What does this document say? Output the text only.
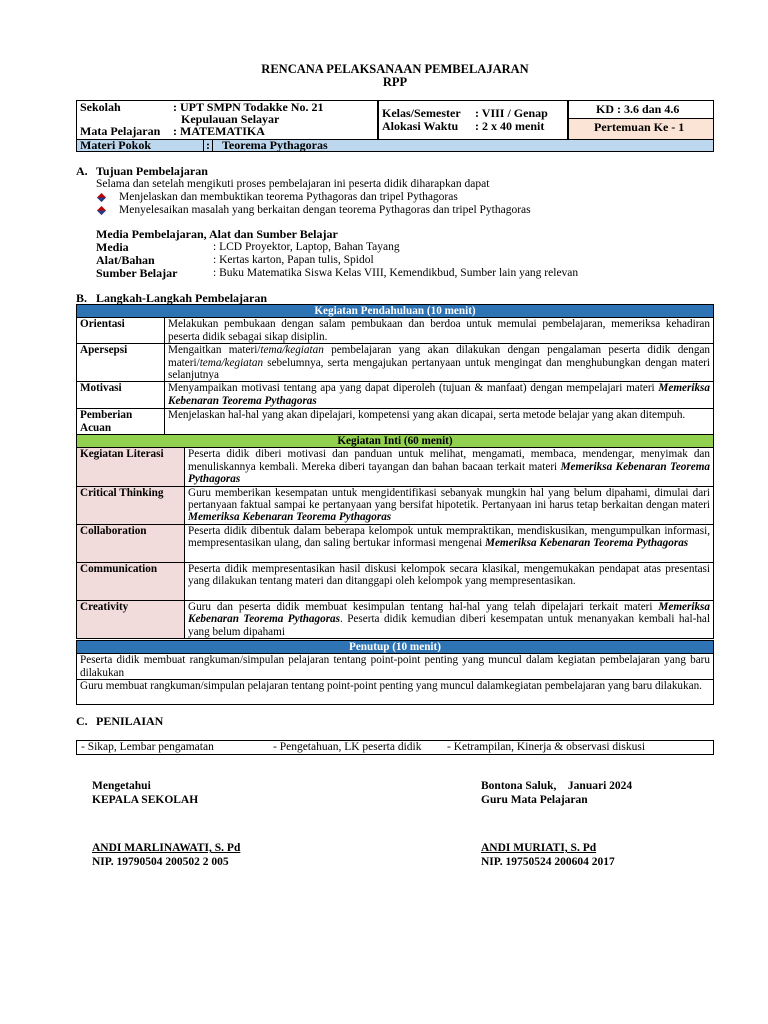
RENCANA PELAKSANAAN PEMBELAJARAN
RPP
Sekolah	: UPT SMPN Todakke No. 21
Kepulauan Selayar
Mata Pelajaran : MATEMATIKA
Kelas/Semester : VIII / Genap
Alokasi Waktu : 2 x 40 menit
KD : 3.6 dan 4.6
Pertemuan Ke - 1
Materi Pokok	: Teorema Pythagoras
A. Tujuan Pembelajaran
Selama dan setelah mengikuti proses pembelajaran ini peserta didik diharapkan dapat
Menjelaskan dan membuktikan teorema Pythagoras dan tripel Pythagoras
Menyelesaikan masalah yang berkaitan dengan teorema Pythagoras dan tripel Pythagoras
Media Pembelajaran, Alat dan Sumber Belajar
Media	: LCD Proyektor, Laptop, Bahan Tayang
Alat/Bahan	: Kertas karton, Papan tulis, Spidol
Sumber Belajar	: Buku Matematika Siswa Kelas VIII, Kemendikbud, Sumber lain yang relevan
B. Langkah-Langkah Pembelajaran
Kegiatan Pendahuluan (10 menit)	
Orientasi	Melakukan pembukaan dengan salam pembukaan dan berdoa untuk memulai pembelajaran, memeriksa kehadiran peserta didik sebagai sikap disiplin.
Apersepsi	Mengaitkan materi/tema/kegiatan pembelajaran yang akan dilakukan dengan pengalaman peserta didik dengan materi/tema/kegiatan sebelumnya, serta mengajukan pertanyaan untuk mengingat dan menghubungkan dengan materi selanjutnya
Motivasi	Menyampaikan motivasi tentang apa yang dapat diperoleh (tujuan & manfaat) dengan mempelajari materi Memeriksa Kebenaran Teorema Pythagoras
Pemberian Acuan	Menjelaskan hal-hal yang akan dipelajari, kompetensi yang akan dicapai, serta metode belajar yang akan ditempuh.
Kegiatan Inti (60 menit)	
Kegiatan Literasi	Peserta didik diberi motivasi dan panduan untuk melihat, mengamati, membaca, mendengar, menyimak dan menuliskannya kembali. Mereka diberi tayangan dan bahan bacaan terkait materi Memeriksa Kebenaran Teorema Pythagoras
Critical Thinking	Guru memberikan kesempatan untuk mengidentifikasi sebanyak mungkin hal yang belum dipahami, dimulai dari pertanyaan faktual sampai ke pertanyaan yang bersifat hipotetik. Pertanyaan ini harus tetap berkaitan dengan materi Memeriksa Kebenaran Teorema Pythagoras
Collaboration	Peserta didik dibentuk dalam beberapa kelompok untuk mempraktikan, mendiskusikan, mengumpulkan informasi, mempresentasikan ulang, dan saling bertukar informasi mengenai Memeriksa Kebenaran Teorema Pythagoras
Communication	Peserta didik mempresentasikan hasil diskusi kelompok secara klasikal, mengemukakan pendapat atas presentasi yang dilakukan tentang materi dan ditanggapi oleh kelompok yang mempresentasikan.
Creativity	Guru dan peserta didik membuat kesimpulan tentang hal-hal yang telah dipelajari terkait materi Memeriksa Kebenaran Teorema Pythagoras. Peserta didik kemudian diberi kesempatan untuk menanyakan kembali hal-hal yang belum dipahami
Penutup (10 menit)
Peserta didik membuat rangkuman/simpulan pelajaran tentang point-point penting yang muncul dalam kegiatan pembelajaran yang baru dilakukan
Guru membuat rangkuman/simpulan pelajaran tentang point-point penting yang muncul dalamkegiatan pembelajaran yang baru dilakukan.
C. PENILAIAN
- Sikap, Lembar pengamatan	- Pengetahuan, LK peserta didik - Ketrampilan, Kinerja & observasi diskusi
Mengetahui
KEPALA SEKOLAH
ANDI MARLINAWATI, S. Pd
NIP. 19790504 200502 2 005
Bontona Saluk,    Januari 2024
Guru Mata Pelajaran
ANDI MURIATI, S. Pd
NIP. 19750524 200604 2017
